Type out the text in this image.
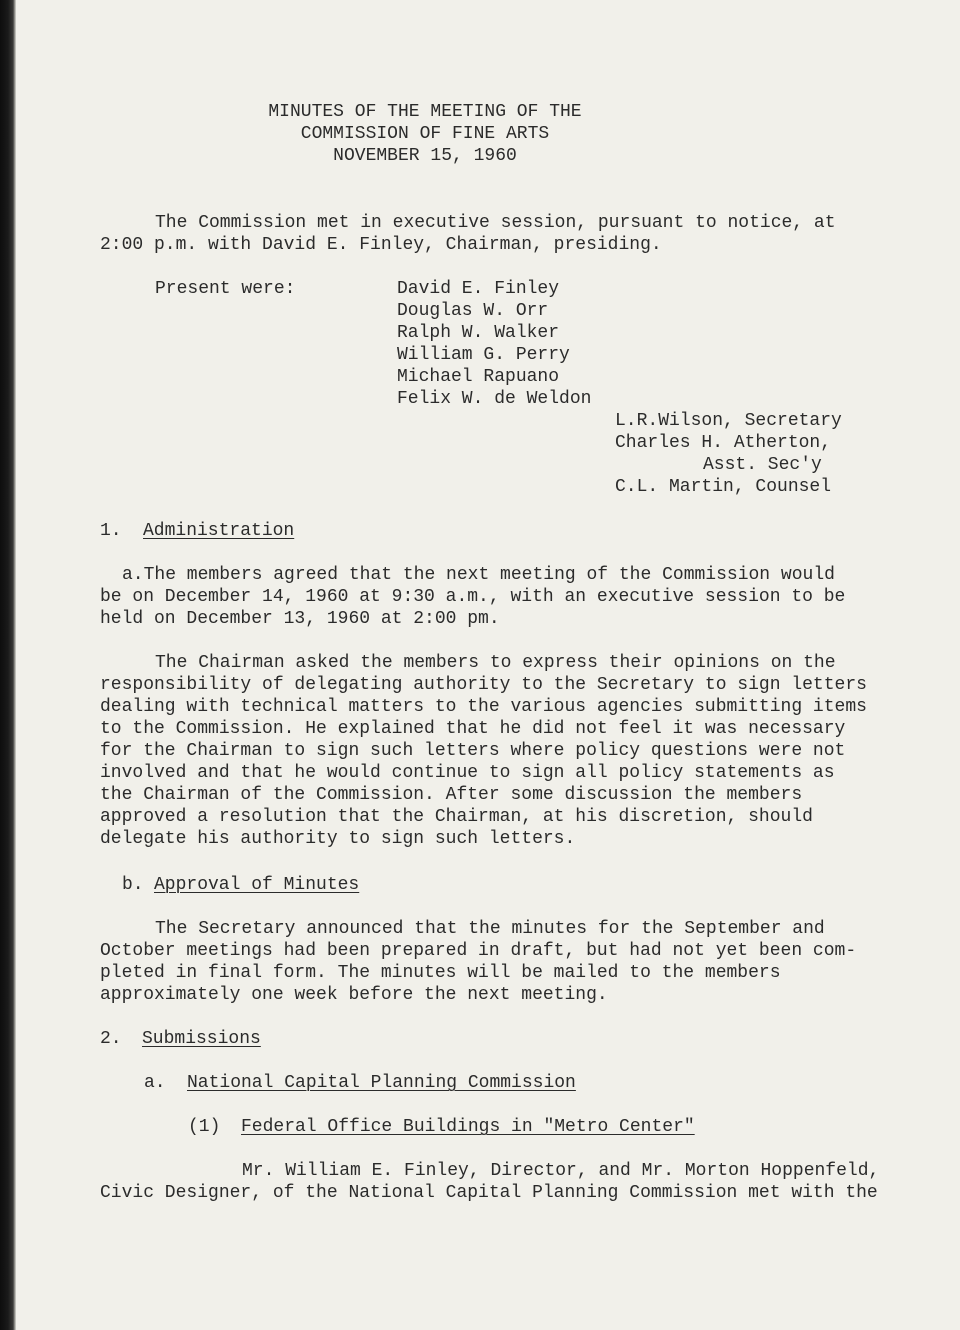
MINUTES OF THE MEETING OF THE
COMMISSION OF FINE ARTS
NOVEMBER 15, 1960
The Commission met in executive session, pursuant to notice, at
2:00 p.m. with David E. Finley, Chairman, presiding.
Present were:	David E. Finley
Douglas W. Orr
Ralph W. Walker
William G. Perry
Michael Rapuano
Felix W. de Weldon
L.R.Wilson, Secretary
Charles H. Atherton,
Asst. Sec'y
C.L. Martin, Counsel
1. Administration
a.The members agreed that the next meeting of the Commission would
be on December 14, 1960 at 9:30 a.m., with an executive session to be
held on December 13, 1960 at 2:00 pm.
The Chairman asked the members to express their opinions on the
responsibility of delegating authority to the Secretary to sign letters
dealing with technical matters to the various agencies submitting items
to the Commission. He explained that he did not feel it was necessary
for the Chairman to sign such letters where policy questions were not
involved and that he would continue to sign all policy statements as
the Chairman of the Commission. After some discussion the members
approved a resolution that the Chairman, at his discretion, should
delegate his authority to sign such letters.
b. Approval of Minutes
The Secretary announced that the minutes for the September and
October meetings had been prepared in draft, but had not yet been com-
pleted in final form. The minutes will be mailed to the members
approximately one week before the next meeting.
2. Submissions
a. National Capital Planning Commission
(1) Federal Office Buildings in "Metro Center"
Mr. William E. Finley, Director, and Mr. Morton Hoppenfeld,
Civic Designer, of the National Capital Planning Commission met with the
